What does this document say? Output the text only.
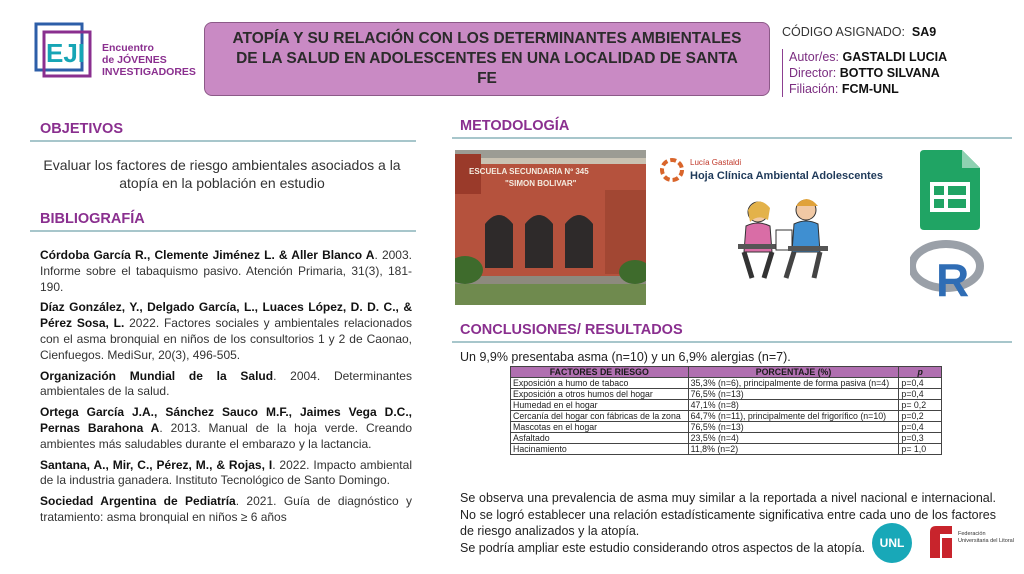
EJI Encuentro
de JÓVENES
INVESTIGADORES
ATOPÍA Y SU RELACIÓN CON LOS DETERMINANTES AMBIENTALES DE LA SALUD EN ADOLESCENTES EN UNA LOCALIDAD DE SANTA FE
CÓDIGO ASIGNADO: SA9
Autor/es: GASTALDI LUCIA
Director: BOTTO SILVANA
Filiación: FCM-UNL
OBJETIVOS
Evaluar los factores de riesgo ambientales asociados a la atopía en la población en estudio
BIBLIOGRAFÍA

Córdoba García R., Clemente Jiménez L. & Aller Blanco A. 2003. Informe sobre el tabaquismo pasivo. Atención Primaria, 31(3), 181-190.

Díaz González, Y., Delgado García, L., Luaces López, D. D. C., & Pérez Sosa, L. 2022. Factores sociales y ambientales relacionados con el asma bronquial en niños de los consultorios 1 y 2 de Caonao, Cienfuegos. MediSur, 20(3), 496-505.

Organización Mundial de la Salud. 2004. Determinantes ambientales de la salud.

Ortega García J.A., Sánchez Sauco M.F., Jaimes Vega D.C., Pernas Barahona A. 2013. Manual de la hoja verde. Creando ambientes más saludables durante el embarazo y la lactancia.

Santana, A., Mir, C., Pérez, M., & Rojas, I. 2022. Impacto ambiental de la industria ganadera. Instituto Tecnológico de Santo Domingo.

Sociedad Argentina de Pediatría. 2021. Guía de diagnóstico y tratamiento: asma bronquial en niños ≥ 6 años

METODOLOGÍA
ESCUELA SECUNDARIA Nº 345
"SIMON BOLIVAR"
Lucía Gastaldi
Hoja Clínica Ambiental Adolescentes
R
CONCLUSIONES/ RESULTADOS
Un 9,9% presentaba asma (n=10) y un 6,9% alergias (n=7).
FACTORES DE RIESGO	PORCENTAJE (%)	p
Exposición a humo de tabaco	35,3% (n=6), principalmente de forma pasiva (n=4)	p=0,4
Exposición a otros humos del hogar	76,5% (n=13)	p=0,4
Humedad en el hogar	47,1% (n=8)	p= 0,2
Cercanía del hogar con fábricas de la zona	64,7% (n=11), principalmente del frigorífico (n=10)	p=0,2
Mascotas en el hogar	76,5% (n=13)	p=0,4
Asfaltado	23,5% (n=4)	p=0,3
Hacinamiento	11,8% (n=2)	p= 1,0

Se observa una prevalencia de asma muy similar a la reportada a nivel nacional e internacional. No se logró establecer una relación estadísticamente significativa entre cada uno de los factores de riesgo analizados y la atopía.

Se podría ampliar este estudio considerando otros aspectos de la atopía.	UNL
Federación Universitaria del Litoral
